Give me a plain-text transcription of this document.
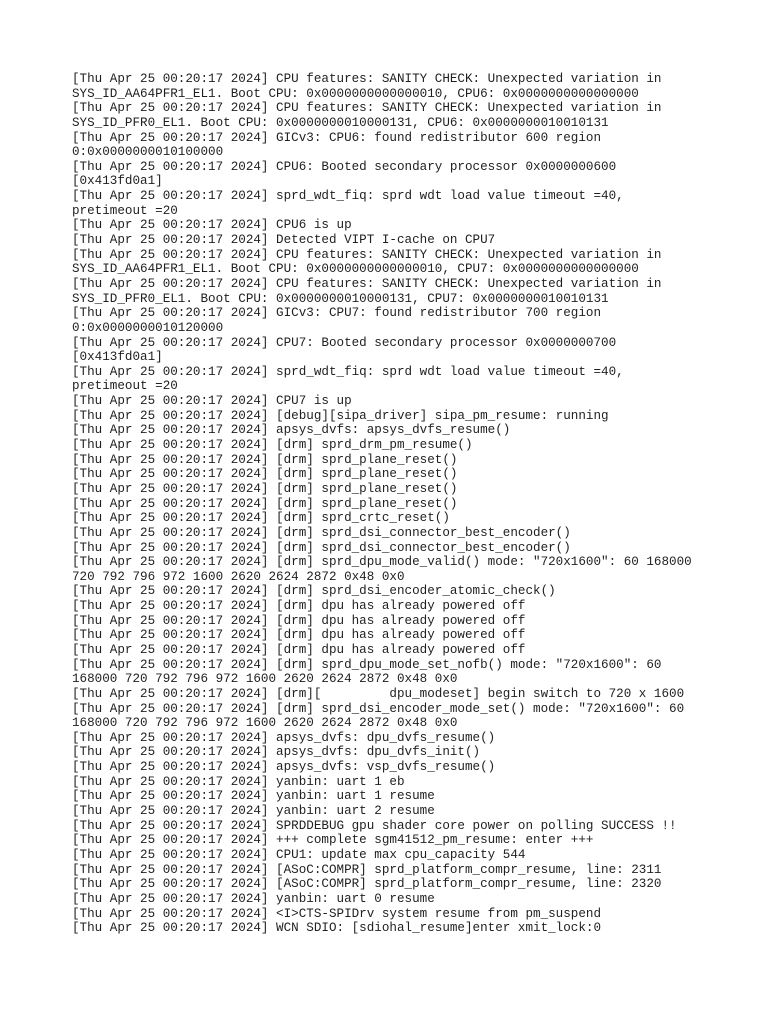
[Thu Apr 25 00:20:17 2024] CPU features: SANITY CHECK: Unexpected variation in
SYS_ID_AA64PFR1_EL1. Boot CPU: 0x0000000000000010, CPU6: 0x0000000000000000
[Thu Apr 25 00:20:17 2024] CPU features: SANITY CHECK: Unexpected variation in
SYS_ID_PFR0_EL1. Boot CPU: 0x0000000010000131, CPU6: 0x0000000010010131
[Thu Apr 25 00:20:17 2024] GICv3: CPU6: found redistributor 600 region
0:0x0000000010100000
[Thu Apr 25 00:20:17 2024] CPU6: Booted secondary processor 0x0000000600
[0x413fd0a1]
[Thu Apr 25 00:20:17 2024] sprd_wdt_fiq: sprd wdt load value timeout =40,
pretimeout =20
[Thu Apr 25 00:20:17 2024] CPU6 is up
[Thu Apr 25 00:20:17 2024] Detected VIPT I-cache on CPU7
[Thu Apr 25 00:20:17 2024] CPU features: SANITY CHECK: Unexpected variation in
SYS_ID_AA64PFR1_EL1. Boot CPU: 0x0000000000000010, CPU7: 0x0000000000000000
[Thu Apr 25 00:20:17 2024] CPU features: SANITY CHECK: Unexpected variation in
SYS_ID_PFR0_EL1. Boot CPU: 0x0000000010000131, CPU7: 0x0000000010010131
[Thu Apr 25 00:20:17 2024] GICv3: CPU7: found redistributor 700 region
0:0x0000000010120000
[Thu Apr 25 00:20:17 2024] CPU7: Booted secondary processor 0x0000000700
[0x413fd0a1]
[Thu Apr 25 00:20:17 2024] sprd_wdt_fiq: sprd wdt load value timeout =40,
pretimeout =20
[Thu Apr 25 00:20:17 2024] CPU7 is up
[Thu Apr 25 00:20:17 2024] [debug][sipa_driver] sipa_pm_resume: running
[Thu Apr 25 00:20:17 2024] apsys_dvfs: apsys_dvfs_resume()
[Thu Apr 25 00:20:17 2024] [drm] sprd_drm_pm_resume()
[Thu Apr 25 00:20:17 2024] [drm] sprd_plane_reset()
[Thu Apr 25 00:20:17 2024] [drm] sprd_plane_reset()
[Thu Apr 25 00:20:17 2024] [drm] sprd_plane_reset()
[Thu Apr 25 00:20:17 2024] [drm] sprd_plane_reset()
[Thu Apr 25 00:20:17 2024] [drm] sprd_crtc_reset()
[Thu Apr 25 00:20:17 2024] [drm] sprd_dsi_connector_best_encoder()
[Thu Apr 25 00:20:17 2024] [drm] sprd_dsi_connector_best_encoder()
[Thu Apr 25 00:20:17 2024] [drm] sprd_dpu_mode_valid() mode: "720x1600": 60 168000
720 792 796 972 1600 2620 2624 2872 0x48 0x0
[Thu Apr 25 00:20:17 2024] [drm] sprd_dsi_encoder_atomic_check()
[Thu Apr 25 00:20:17 2024] [drm] dpu has already powered off
[Thu Apr 25 00:20:17 2024] [drm] dpu has already powered off
[Thu Apr 25 00:20:17 2024] [drm] dpu has already powered off
[Thu Apr 25 00:20:17 2024] [drm] dpu has already powered off
[Thu Apr 25 00:20:17 2024] [drm] sprd_dpu_mode_set_nofb() mode: "720x1600": 60
168000 720 792 796 972 1600 2620 2624 2872 0x48 0x0
[Thu Apr 25 00:20:17 2024] [drm][         dpu_modeset] begin switch to 720 x 1600
[Thu Apr 25 00:20:17 2024] [drm] sprd_dsi_encoder_mode_set() mode: "720x1600": 60
168000 720 792 796 972 1600 2620 2624 2872 0x48 0x0
[Thu Apr 25 00:20:17 2024] apsys_dvfs: dpu_dvfs_resume()
[Thu Apr 25 00:20:17 2024] apsys_dvfs: dpu_dvfs_init()
[Thu Apr 25 00:20:17 2024] apsys_dvfs: vsp_dvfs_resume()
[Thu Apr 25 00:20:17 2024] yanbin: uart 1 eb
[Thu Apr 25 00:20:17 2024] yanbin: uart 1 resume
[Thu Apr 25 00:20:17 2024] yanbin: uart 2 resume
[Thu Apr 25 00:20:17 2024] SPRDDEBUG gpu shader core power on polling SUCCESS !!
[Thu Apr 25 00:20:17 2024] +++ complete sgm41512_pm_resume: enter +++
[Thu Apr 25 00:20:17 2024] CPU1: update max cpu_capacity 544
[Thu Apr 25 00:20:17 2024] [ASoC:COMPR] sprd_platform_compr_resume, line: 2311
[Thu Apr 25 00:20:17 2024] [ASoC:COMPR] sprd_platform_compr_resume, line: 2320
[Thu Apr 25 00:20:17 2024] yanbin: uart 0 resume
[Thu Apr 25 00:20:17 2024] <I>CTS-SPIDrv system resume from pm_suspend
[Thu Apr 25 00:20:17 2024] WCN SDIO: [sdiohal_resume]enter xmit_lock:0
